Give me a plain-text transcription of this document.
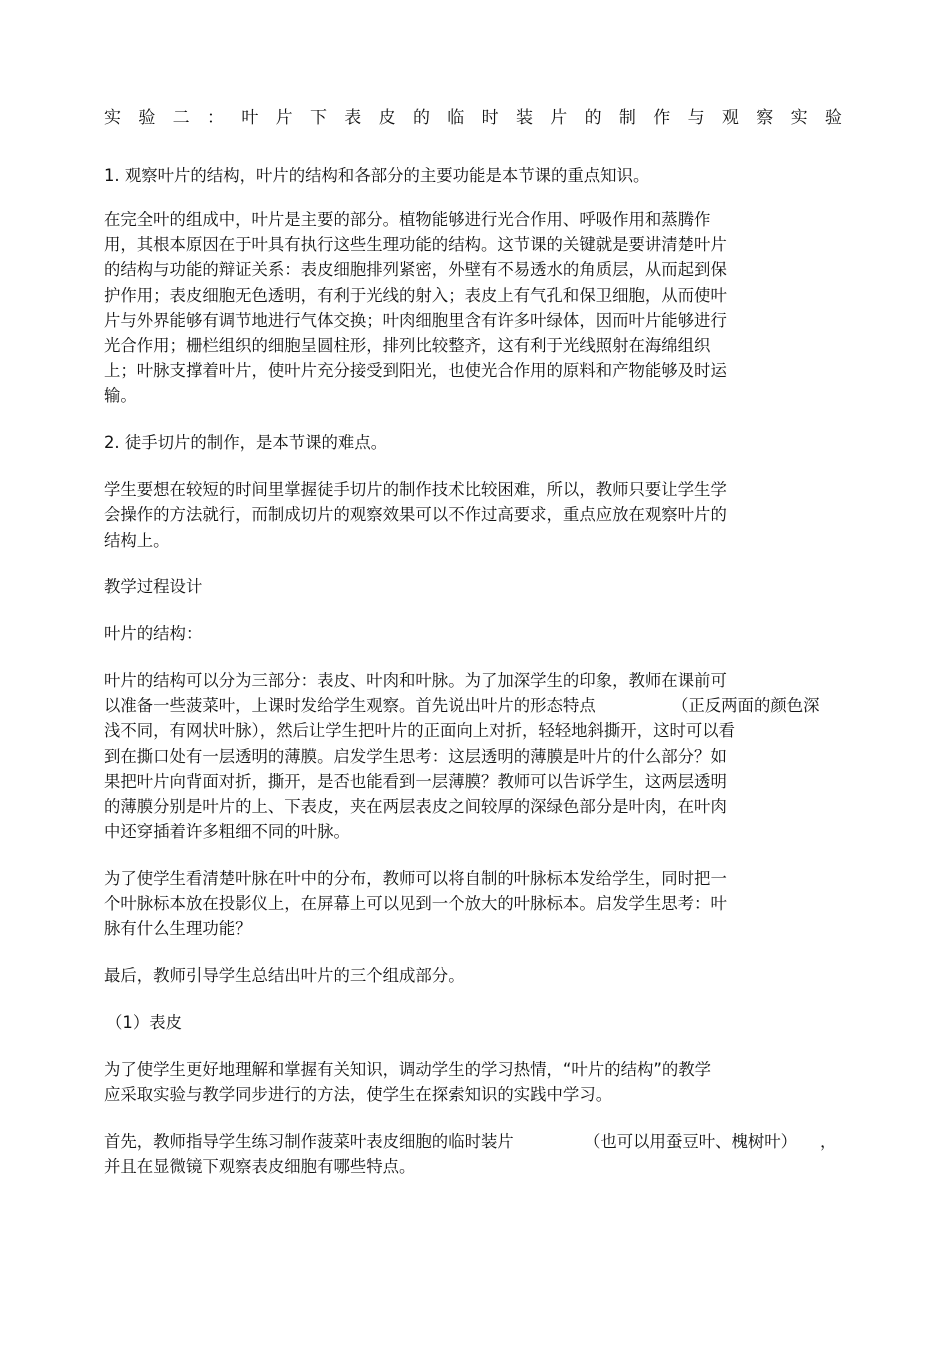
实 验 二 ： 叶 片 下 表 皮 的 临 时 装 片 的 制 作 与 观 察 实 验
1. 观察叶片的结构，叶片的结构和各部分的主要功能是本节课的重点知识。
在完全叶的组成中，叶片是主要的部分。植物能够进行光合作用、呼吸作用和蒸腾作
用，其根本原因在于叶具有执行这些生理功能的结构。这节课的关键就是要讲清楚叶片
的结构与功能的辩证关系：表皮细胞排列紧密，外壁有不易透水的角质层，从而起到保
护作用；表皮细胞无色透明，有利于光线的射入；表皮上有气孔和保卫细胞，从而使叶
片与外界能够有调节地进行气体交换；叶肉细胞里含有许多叶绿体，因而叶片能够进行
光合作用；栅栏组织的细胞呈圆柱形，排列比较整齐，这有利于光线照射在海绵组织
上；叶脉支撑着叶片，使叶片充分接受到阳光，也使光合作用的原料和产物能够及时运
输。
2. 徒手切片的制作，是本节课的难点。
学生要想在较短的时间里掌握徒手切片的制作技术比较困难，所以，教师只要让学生学
会操作的方法就行，而制成切片的观察效果可以不作过高要求，重点应放在观察叶片的
结构上。
教学过程设计
叶片的结构：
叶片的结构可以分为三部分：表皮、叶肉和叶脉。为了加深学生的印象，教师在课前可
以准备一些菠菜叶，上课时发给学生观察。首先说出叶片的形态特点	（正反两面的颜色深
浅不同，有网状叶脉），然后让学生把叶片的正面向上对折，轻轻地斜撕开，这时可以看
到在撕口处有一层透明的薄膜。启发学生思考：这层透明的薄膜是叶片的什么部分？如
果把叶片向背面对折，撕开，是否也能看到一层薄膜？教师可以告诉学生，这两层透明
的薄膜分别是叶片的上、下表皮，夹在两层表皮之间较厚的深绿色部分是叶肉，在叶肉
中还穿插着许多粗细不同的叶脉。
为了使学生看清楚叶脉在叶中的分布，教师可以将自制的叶脉标本发给学生，同时把一
个叶脉标本放在投影仪上，在屏幕上可以见到一个放大的叶脉标本。启发学生思考：叶
脉有什么生理功能？
最后，教师引导学生总结出叶片的三个组成部分。
（1）表皮
为了使学生更好地理解和掌握有关知识，调动学生的学习热情，“叶片的结构”的教学
应采取实验与教学同步进行的方法，使学生在探索知识的实践中学习。
首先，教师指导学生练习制作菠菜叶表皮细胞的临时装片	（也可以用蚕豆叶、槐树叶） ，
并且在显微镜下观察表皮细胞有哪些特点。
